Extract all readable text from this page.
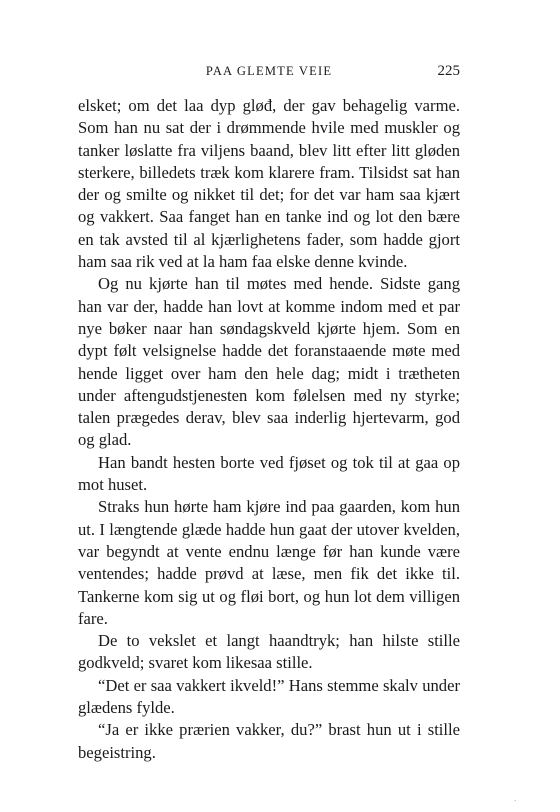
PAA GLEMTE VEIE	225

elsket; om det laa dyp gløđ, der gav behagelig varme. Som han nu sat der i drømmende hvile med muskler og tanker løslatte fra viljens baand, blev litt efter litt gløden sterkere, billedets træk kom klarere fram. Tilsidst sat han der og smilte og nikket til det; for det var ham saa kjært og vakkert. Saa fanget han en tanke ind og lot den bære en tak avsted til al kjærlighetens fader, som hadde gjort ham saa rik ved at la ham faa elske denne kvinde.

Og nu kjørte han til møtes med hende. Sidste gang han var der, hadde han lovt at komme indom med et par nye bøker naar han søndagskveld kjørte hjem. Som en dypt følt velsignelse hadde det foranstaaende møte med hende ligget over ham den hele dag; midt i trætheten under aftengudstjenesten kom følelsen med ny styrke; talen prægedes derav, blev saa inderlig hjertevarm, god og glad.

Han bandt hesten borte ved fjøset og tok til at gaa op mot huset.

Straks hun hørte ham kjøre ind paa gaarden, kom hun ut. I længtende glæde hadde hun gaat der utover kvelden, var begyndt at vente endnu længe før han kunde være ventendes; hadde prøvd at læse, men fik det ikke til. Tankerne kom sig ut og fløi bort, og hun lot dem villigen fare.

De to vekslet et langt haandtryk; han hilste stille godkveld; svaret kom likesaa stille.

“Det er saa vakkert ikveld!” Hans stemme skalv under glædens fylde.

“Ja er ikke prærien vakker, du?” brast hun ut i stille begeistring.

·
